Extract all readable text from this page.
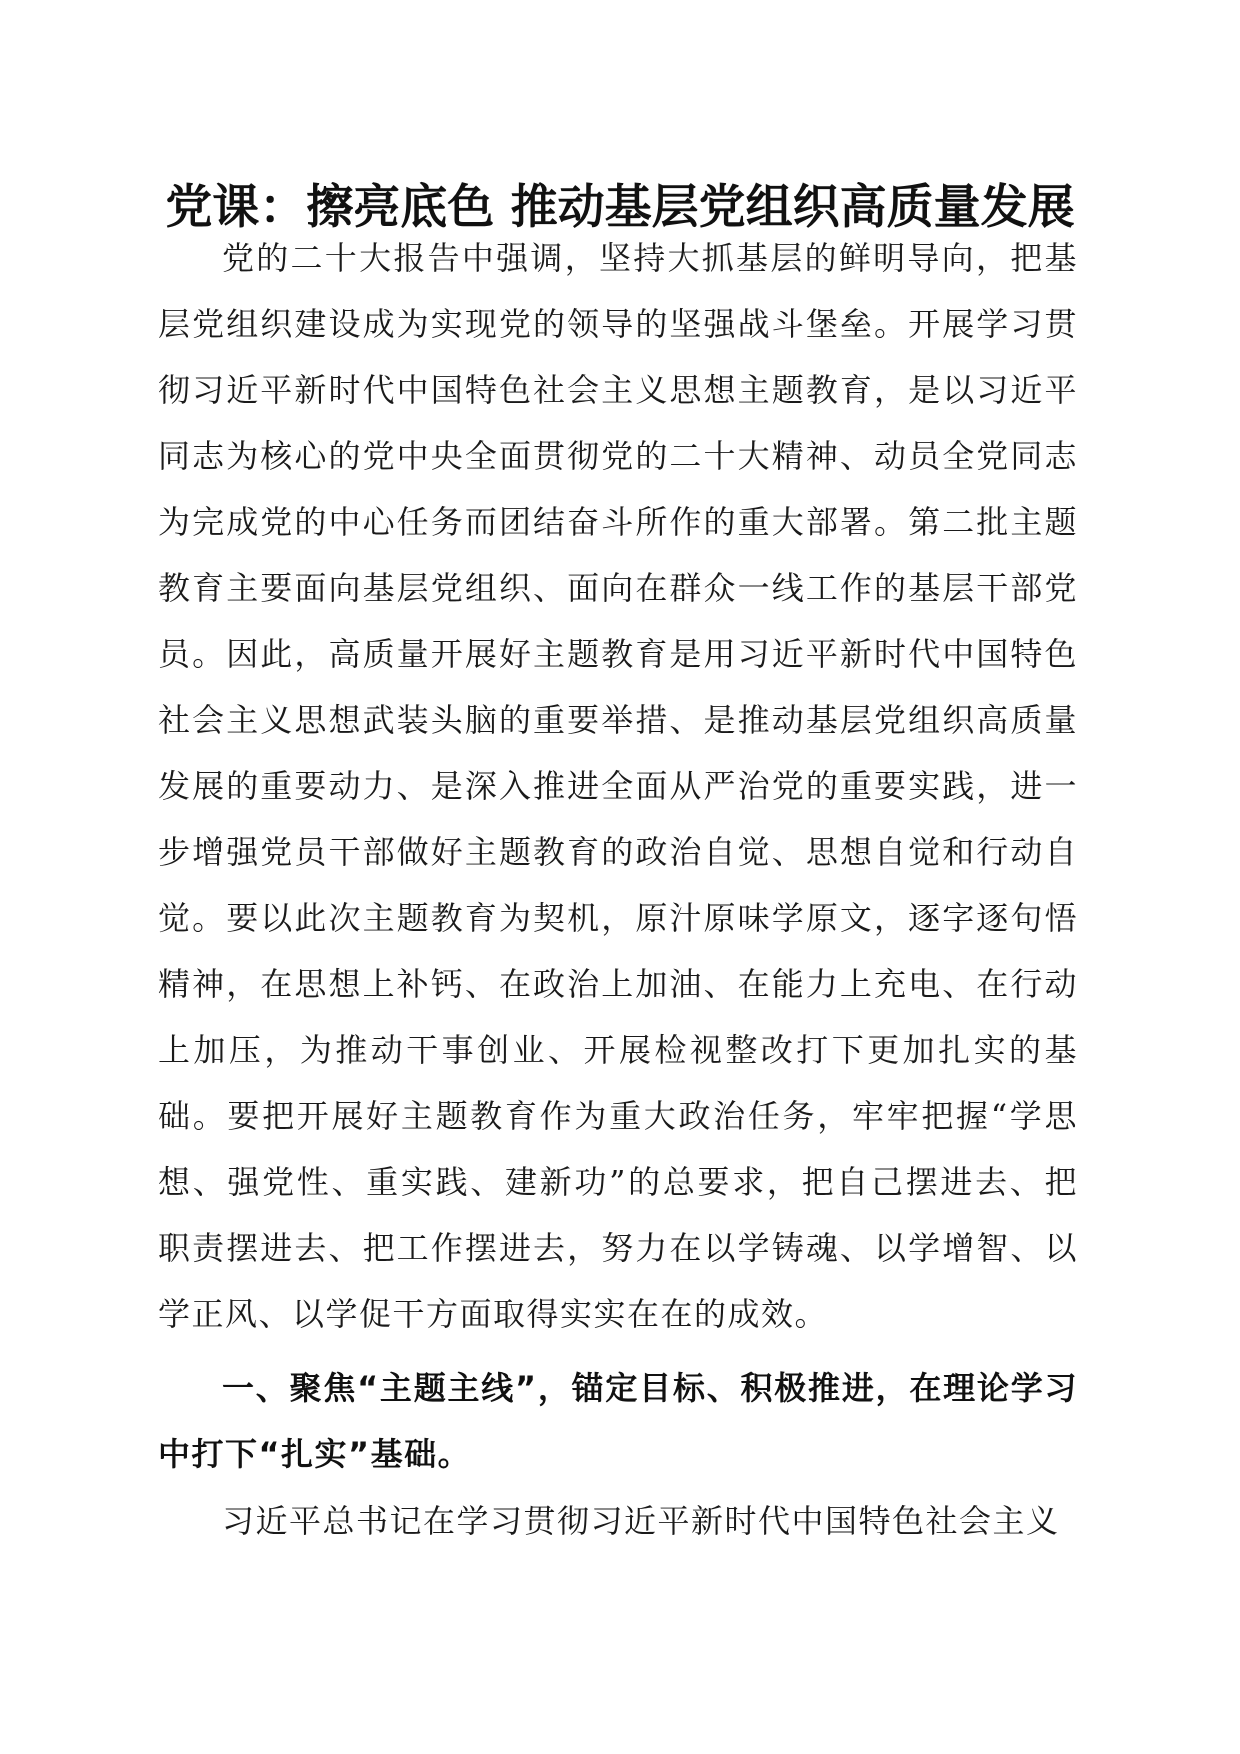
党课：擦亮底色 推动基层党组织高质量发展
党的二十大报告中强调，坚持大抓基层的鲜明导向，把基层党组织建设成为实现党的领导的坚强战斗堡垒。开展学习贯彻习近平新时代中国特色社会主义思想主题教育，是以习近平同志为核心的党中央全面贯彻党的二十大精神、动员全党同志为完成党的中心任务而团结奋斗所作的重大部署。第二批主题教育主要面向基层党组织、面向在群众一线工作的基层干部党员。因此，高质量开展好主题教育是用习近平新时代中国特色社会主义思想武装头脑的重要举措、是推动基层党组织高质量发展的重要动力、是深入推进全面从严治党的重要实践，进一步增强党员干部做好主题教育的政治自觉、思想自觉和行动自觉。要以此次主题教育为契机，原汁原味学原文，逐字逐句悟精神，在思想上补钙、在政治上加油、在能力上充电、在行动上加压，为推动干事创业、开展检视整改打下更加扎实的基础。要把开展好主题教育作为重大政治任务，牢牢把握“学思想、强党性、重实践、建新功”的总要求，把自己摆进去、把职责摆进去、把工作摆进去，努力在以学铸魂、以学增智、以学正风、以学促干方面取得实实在在的成效。
一、聚焦“主题主线”，锚定目标、积极推进，在理论学习中打下“扎实”基础。
习近平总书记在学习贯彻习近平新时代中国特色社会主义
